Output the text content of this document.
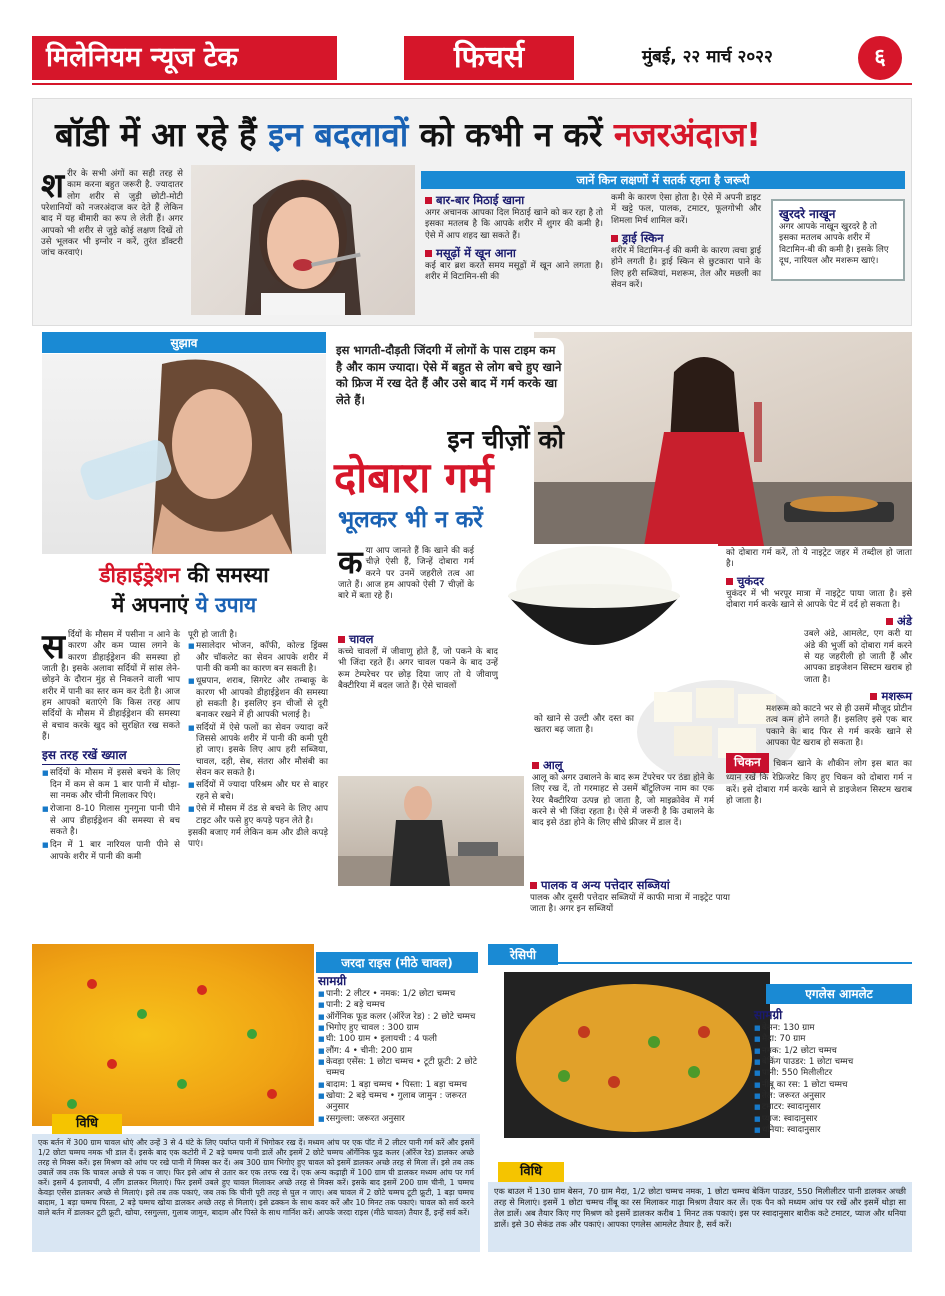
मिलेनियम न्यूज टेक	फिचर्स	मुंबई, २२ मार्च २०२२	६
बॉडी में आ रहे हैं इन बदलावों को कभी न करें नजरअंदाज!
श रीर के सभी अंगों का सही तरह से काम करना बहुत जरूरी है. ज्यादातर लोग शरीर से जुड़ी छोटी-मोटी परेशानियों को नजरअंदाज कर देते हैं लेकिन बाद में यह बीमारी का रूप ले लेती हैं। अगर आपको भी शरीर से जुड़े कोई लक्षण दिखें तो उसे भूलकर भी इग्नोर न करें, तुरंत डॉक्टरी जांच करवाएं।
जानें किन लक्षणों में सतर्क रहना है जरूरी
बार-बार मिठाई खाना
अगर अचानक आपका दिल मिठाई खाने को कर रहा है तो इसका मतलब है कि आपके शरीर में शुगर की कमी है। ऐसे में आप शहद खा सकते हैं।
मसूढ़ों में खून आना
कई बार ब्रश करते समय मसूढ़ों में खून आने लगता है। शरीर में विटामिन-सी की
कमी के कारण ऐसा होता है। ऐसे में अपनी डाइट में खट्टे फल, पालक, टमाटर, फूलगोभी और शिमला मिर्च शामिल करें।
ड्राई स्किन
शरीर में विटामिन-ई की कमी के कारण त्वचा ड्राई होने लगती है। ड्राई स्किन से छुटकारा पाने के लिए हरी सब्जियां, मशरूम, तेल और मछली का सेवन करें।
खुरदरे नाखून
अगर आपके नाखून खुरदरे है तो इसका मतलब आपके शरीर में विटामिन-बी की कमी है। इसके लिए दूध, नारियल और मशरूम खाएं।
सुझाव
डीहाईड्रेशन की समस्या
में अपनाएं ये उपाय
स र्दियों के मौसम में पसीना न आने के कारण और कम प्यास लगने के कारण डीहाईड्रेशन की समस्या हो जाती है। इसके अलावा सर्दियों में सांस लेने-छोड़ने के दौरान मुंह से निकलने वाली भाप शरीर में पानी का स्तर कम कर देती है। आज हम आपको बताएंगे कि किस तरह आप सर्दियों के मौसम में डीहाईड्रेशन की समस्या से बचाव करके खुद को सुरक्षित रख सकते हैं।
इस तरह रखें ख्याल
■ सर्दियों के मौसम में इससे बचने के लिए दिन में कम से कम 1 बार पानी में थोड़ा-सा नमक और चीनी मिलाकर पिएं।
■ रोजाना 8-10 गिलास गुनगुना पानी पीने से आप डीहाईड्रेशन की समस्या से बच सकते है।
■ दिन में 1 बार नारियल पानी पीने से आपके शरीर में पानी की कमी
पूरी हो जाती है।
■ मसालेदार भोजन, कॉफी, कोल्ड ड्रिंक्स और चॉकलेट का सेवन आपके शरीर में पानी की कमी का कारण बन सकती है।
■ धूम्रपान, शराब, सिगरेट और तम्बाकू के कारण भी आपको डीहाईड्रेशन की समस्या हो सकती है। इसलिए इन चीजों से दूरी बनाकर रखने में ही आपकी भलाई है।
■ सर्दियों में ऐसे फलों का सेवन ज्यादा करें जिससे आपके शरीर में पानी की कमी पूरी हो जाए। इसके लिए आप हरी सब्जिया, चावल, दही, सेब, संतरा और मौसंबी का सेवन कर सकते है।
■ सर्दियों में ज्यादा परिश्रम और घर से बाहर रहने से बचे।
■ ऐसे में मौसम में ठंड से बचने के लिए आप टाइट और फसे हुए कपड़े पहन लेते है।
इसकी बजाए गर्म लेकिन कम और ढीले कपड़े पाएं।
इस भागती-दौड़ती जिंदगी में लोगों के पास टाइम कम है और काम ज्यादा। ऐसे में बहुत से लोग बचे हुए खाने को फ्रिज में रख देते हैं और उसे बाद में गर्म करके खा लेते हैं।
इन चीज़ों को
दोबारा गर्म
भूलकर भी न करें
क या आप जानते हैं कि खाने की कई चीज़े ऐसी हैं, जिन्हें दोबारा गर्म करने पर उनमें जहरीले तत्व आ जाते हैं। आज हम आपको ऐसी 7 चीज़ों के बारे में बता रहे हैं।
चावल
कच्चे चावलों में जीवाणु होते हैं, जो पकने के बाद भी जिंदा रहते हैं। अगर चावल पकने के बाद उन्हें रूम टेम्परेचर पर छोड़ दिया जाए तो ये जीवाणु बैक्टीरिया में बदल जाते हैं। ऐसे चावलों
को खाने से उल्टी और दस्त का खतरा बढ़ जाता है।
आलू
आलू को अगर उबालने के बाद रूम टेंपरेचर पर ठंडा होने के लिए रख दें, तो गरमाहट से उसमें बॉटुलिज्म नाम का एक रेयर बैक्टीरिया उत्पन्न हो जाता है, जो माइक्रोवेव में गर्म करने से भी जिंदा रहता है। ऐसे में जरूरी है कि उबालने के बाद इसे ठंडा होने के लिए सीधे फ्रीजर में डाल दें।
पालक व अन्य पत्तेदार सब्जियां
पालक और दूसरी पत्तेदार सब्जियों में काफी मात्रा में नाइट्रेट पाया जाता है। अगर इन सब्जियों
को दोबारा गर्म करें, तो ये नाइट्रेट जहर में तब्दील हो जाता है।
चुकंदर
चुकंदर में भी भरपूर मात्रा में नाइट्रेट पाया जाता है। इसे दोबारा गर्म करके खाने से आपके पेट में दर्द हो सकता है।
अंडे
उबले अंडे, आमलेट, एग करी या अंडे की भुर्जी को दोबारा गर्म करने से यह जहरीली हो जाती हैं और आपका डाइजेशन सिस्टम खराब हो जाता है।
मशरूम
मशरूम को काटने भर से ही उसमें मौजूद प्रोटीन तत्व कम होने लगते हैं। इसलिए इसे एक बार पकाने के बाद फिर से गर्म करके खाने से आपका पेट खराब हो सकता है।
चिकन चिकन खाने के शौकीन लोग इस बात का ध्यान रखें कि रेफ्रिजरेट किए हुए चिकन को दोबारा गर्म न करें। इसे दोबारा गर्म करके खाने से डाइजेशन सिस्टम खराब हो जाता है।
जरदा राइस (मीठे चावल)
सामग्री
■ पानी: 2 लीटर • नमक: 1/2 छोटा चम्मच
■ पानी: 2 बड़े चम्मच
■ ऑर्गेनिक फूड कलर (ऑरेंज रेड) : 2 छोटे चम्मच
■ भिगोए हुए चावल : 300 ग्राम
■ घी: 100 ग्राम • इलायची : 4 फली
■ लौंग: 4 • चीनी: 200 ग्राम
■ केवड़ा एसेंस: 1 छोटा चम्मच • टूटी फ्रूटी: 2 छोटे चम्मच
■ बादाम: 1 बड़ा चम्मच • पिस्ता: 1 बड़ा चम्मच
■ खोया: 2 बड़े चम्मच • गुलाब जामुन : जरूरत अनुसार
■ रसगुल्ला: जरूरत अनुसार
विधि
एक बर्तन में 300 ग्राम चावल धोएं और उन्हें 3 से 4 घंटे के लिए पर्याप्त पानी में भिगोकर रख दें। मध्यम आंच पर एक पॉट में 2 लीटर पानी गर्म करें और इसमें 1/2 छोटा चम्मच नमक भी डाल दें। इसके बाद एक कटोरी में 2 बड़े चम्मच पानी डालें और इसमें 2 छोटे चम्मच ऑर्गेनिक फूड कलर (ऑरेंज रेड) डालकर अच्छे तरह से मिक्स करें। इस मिश्रण को आंच पर रखे पानी में मिक्स कर दें। अब 300 ग्राम भिगोए हुए चावल को इसमें डालकर अच्छे तरह से मिला लें। इसे तब तक उबालें जब तक कि चावल अच्छे से पक न जाए। फिर इसे आंच से उतार कर एक तरफ रख दें। एक अन्य कढ़ाही में 100 ग्राम घी डालकर मध्यम आंच पर गर्म करें। इसमें 4 इलायची, 4 लौंग डालकर मिलाएं। फिर इसमें उबले हुए चावल मिलाकर अच्छे तरह से मिक्स करें। इसके बाद इसमें 200 ग्राम चीनी, 1 चम्मच केवड़ा एसेंस डालकर अच्छे से मिलाएं। इसे तब तक पकाएं, जब तक कि चीनी पूरी तरह से घुल न जाए। अब चावल में 2 छोटे चम्मच टूटी फ्रूटी, 1 बड़ा चम्मच बादाम, 1 बड़ा चम्मच पिस्ता, 2 बड़े चम्मच खोया डालकर अच्छे तरह से मिलाएं। इसे ढक्कन के साथ कवर करें और 10 मिनट तक पकाएं। चावल को सर्व करने वाले बर्तन में डालकर टूटी फ्रूटी, खोया, रसगुल्ला, गुलाब जामुन, बादाम और पिस्ते के साथ गार्निश करें। आपके जरदा राइस (मीठे चावल) तैयार हैं, इन्हें सर्व करें।
रेसिपी
एगलेस आमलेट
सामग्री
■ बेसन: 130 ग्राम
■ मैदा: 70 ग्राम
■ नमक: 1/2 छोटा चम्मच
■ बेकिंग पाउडर: 1 छोटा चम्मच
■ पानी: 550 मिलीलीटर
■ नींबू का रस: 1 छोटा चम्मच
■ तेल: जरूरत अनुसार
■ टमाटर: स्वादानुसार
■ प्याज: स्वादानुसार
■ धनिया: स्वादानुसार
विधि
एक बाउल में 130 ग्राम बेसन, 70 ग्राम मैदा, 1/2 छोटा चम्मच नमक, 1 छोटा चम्मच बेकिंग पाउडर, 550 मिलीलीटर पानी डालकर अच्छी तरह से मिलाएं। इसमें 1 छोटा चम्मच नींबू का रस मिलाकर गाढ़ा मिश्रण तैयार कर लें। एक पैन को मध्यम आंच पर रखें और इसमें थोड़ा सा तेल डालें। अब तैयार किए गए मिश्रण को इसमें डालकर करीब 1 मिनट तक पकाएं। इस पर स्वादानुसार बारीक कटे टमाटर, प्याज और धनिया डालें। इसे 30 सेकंड तक और पकाएं। आपका एगलेस आमलेट तैयार है, सर्व करें।
